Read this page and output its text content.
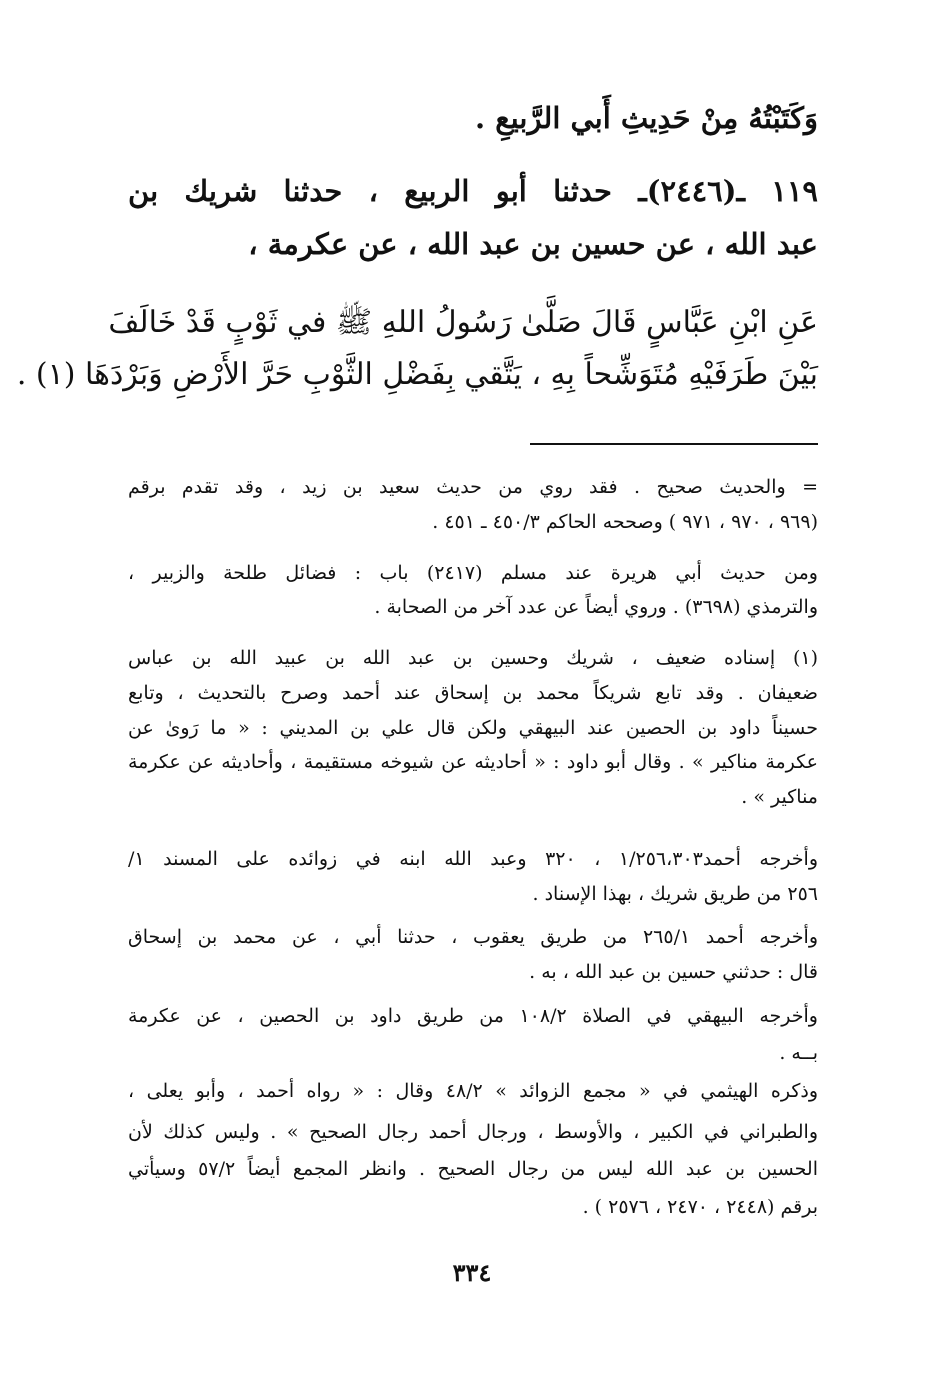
وَكَتَبْتُهُ مِنْ حَدِيثِ أَبي الرَّبيعِ .
١١٩ ـ(٢٤٤٦)ـ حدثنا أبو الربيع ، حدثنا شريك بن
عبد الله ، عن حسين بن عبد الله ، عن عكرمة ،
عَنِ ابْنِ عَبَّاسٍ قَالَ صَلَّىٰ رَسُولُ اللهِ ﷺ في ثَوْبٍ قَدْ خَالَفَ
بَيْنَ طَرَفَيْهِ مُتَوَشِّحاً بِهِ ، يَتَّقي بِفَضْلِ الثَّوْبِ حَرَّ الأَرْضِ وَبَرْدَهَا (١) .
= والحديث صحيح . فقد روي من حديث سعيد بن زيد ، وقد تقدم برقم
(٩٦٩ ، ٩٧٠ ، ٩٧١ ) وصححه الحاكم ٤٥٠/٣ ـ ٤٥١ .
ومن حديث أبي هريرة عند مسلم (٢٤١٧) باب : فضائل طلحة والزبير ،
والترمذي (٣٦٩٨) . وروي أيضاً عن عدد آخر من الصحابة .
(١) إسناده ضعيف ، شريك وحسين بن عبد الله بن عبيد الله بن عباس
ضعيفان . وقد تابع شريكاً محمد بن إسحاق عند أحمد وصرح بالتحديث ، وتابع
حسيناً داود بن الحصين عند البيهقي ولكن قال علي بن المديني : « ما رَوىٰ عن
عكرمة مناكير » . وقال أبو داود : « أحاديثه عن شيوخه مستقيمة ، وأحاديثه عن عكرمة
مناكير » .
وأخرجه أحمد١/٢٥٦،٣٠٣ ، ٣٢٠ وعبد الله ابنه في زوائده على المسند ١/
٢٥٦ من طريق شريك ، بهذا الإسناد .
وأخرجه أحمد ٢٦٥/١ من طريق يعقوب ، حدثنا أبي ، عن محمد بن إسحاق
قال : حدثني حسين بن عبد الله ، به .
وأخرجه البيهقي في الصلاة ١٠٨/٢ من طريق داود بن الحصين ، عن عكرمة
بــه .
وذكره الهيثمي في « مجمع الزوائد » ٤٨/٢ وقال : « رواه أحمد ، وأبو يعلى ،
والطبراني في الكبير ، والأوسط ، ورجال أحمد رجال الصحيح » . وليس كذلك لأن
الحسين بن عبد الله ليس من رجال الصحيح . وانظر المجمع أيضاً ٥٧/٢ وسيأتي
برقم (٢٤٤٨ ، ٢٤٧٠ ، ٢٥٧٦ ) .
٣٣٤
